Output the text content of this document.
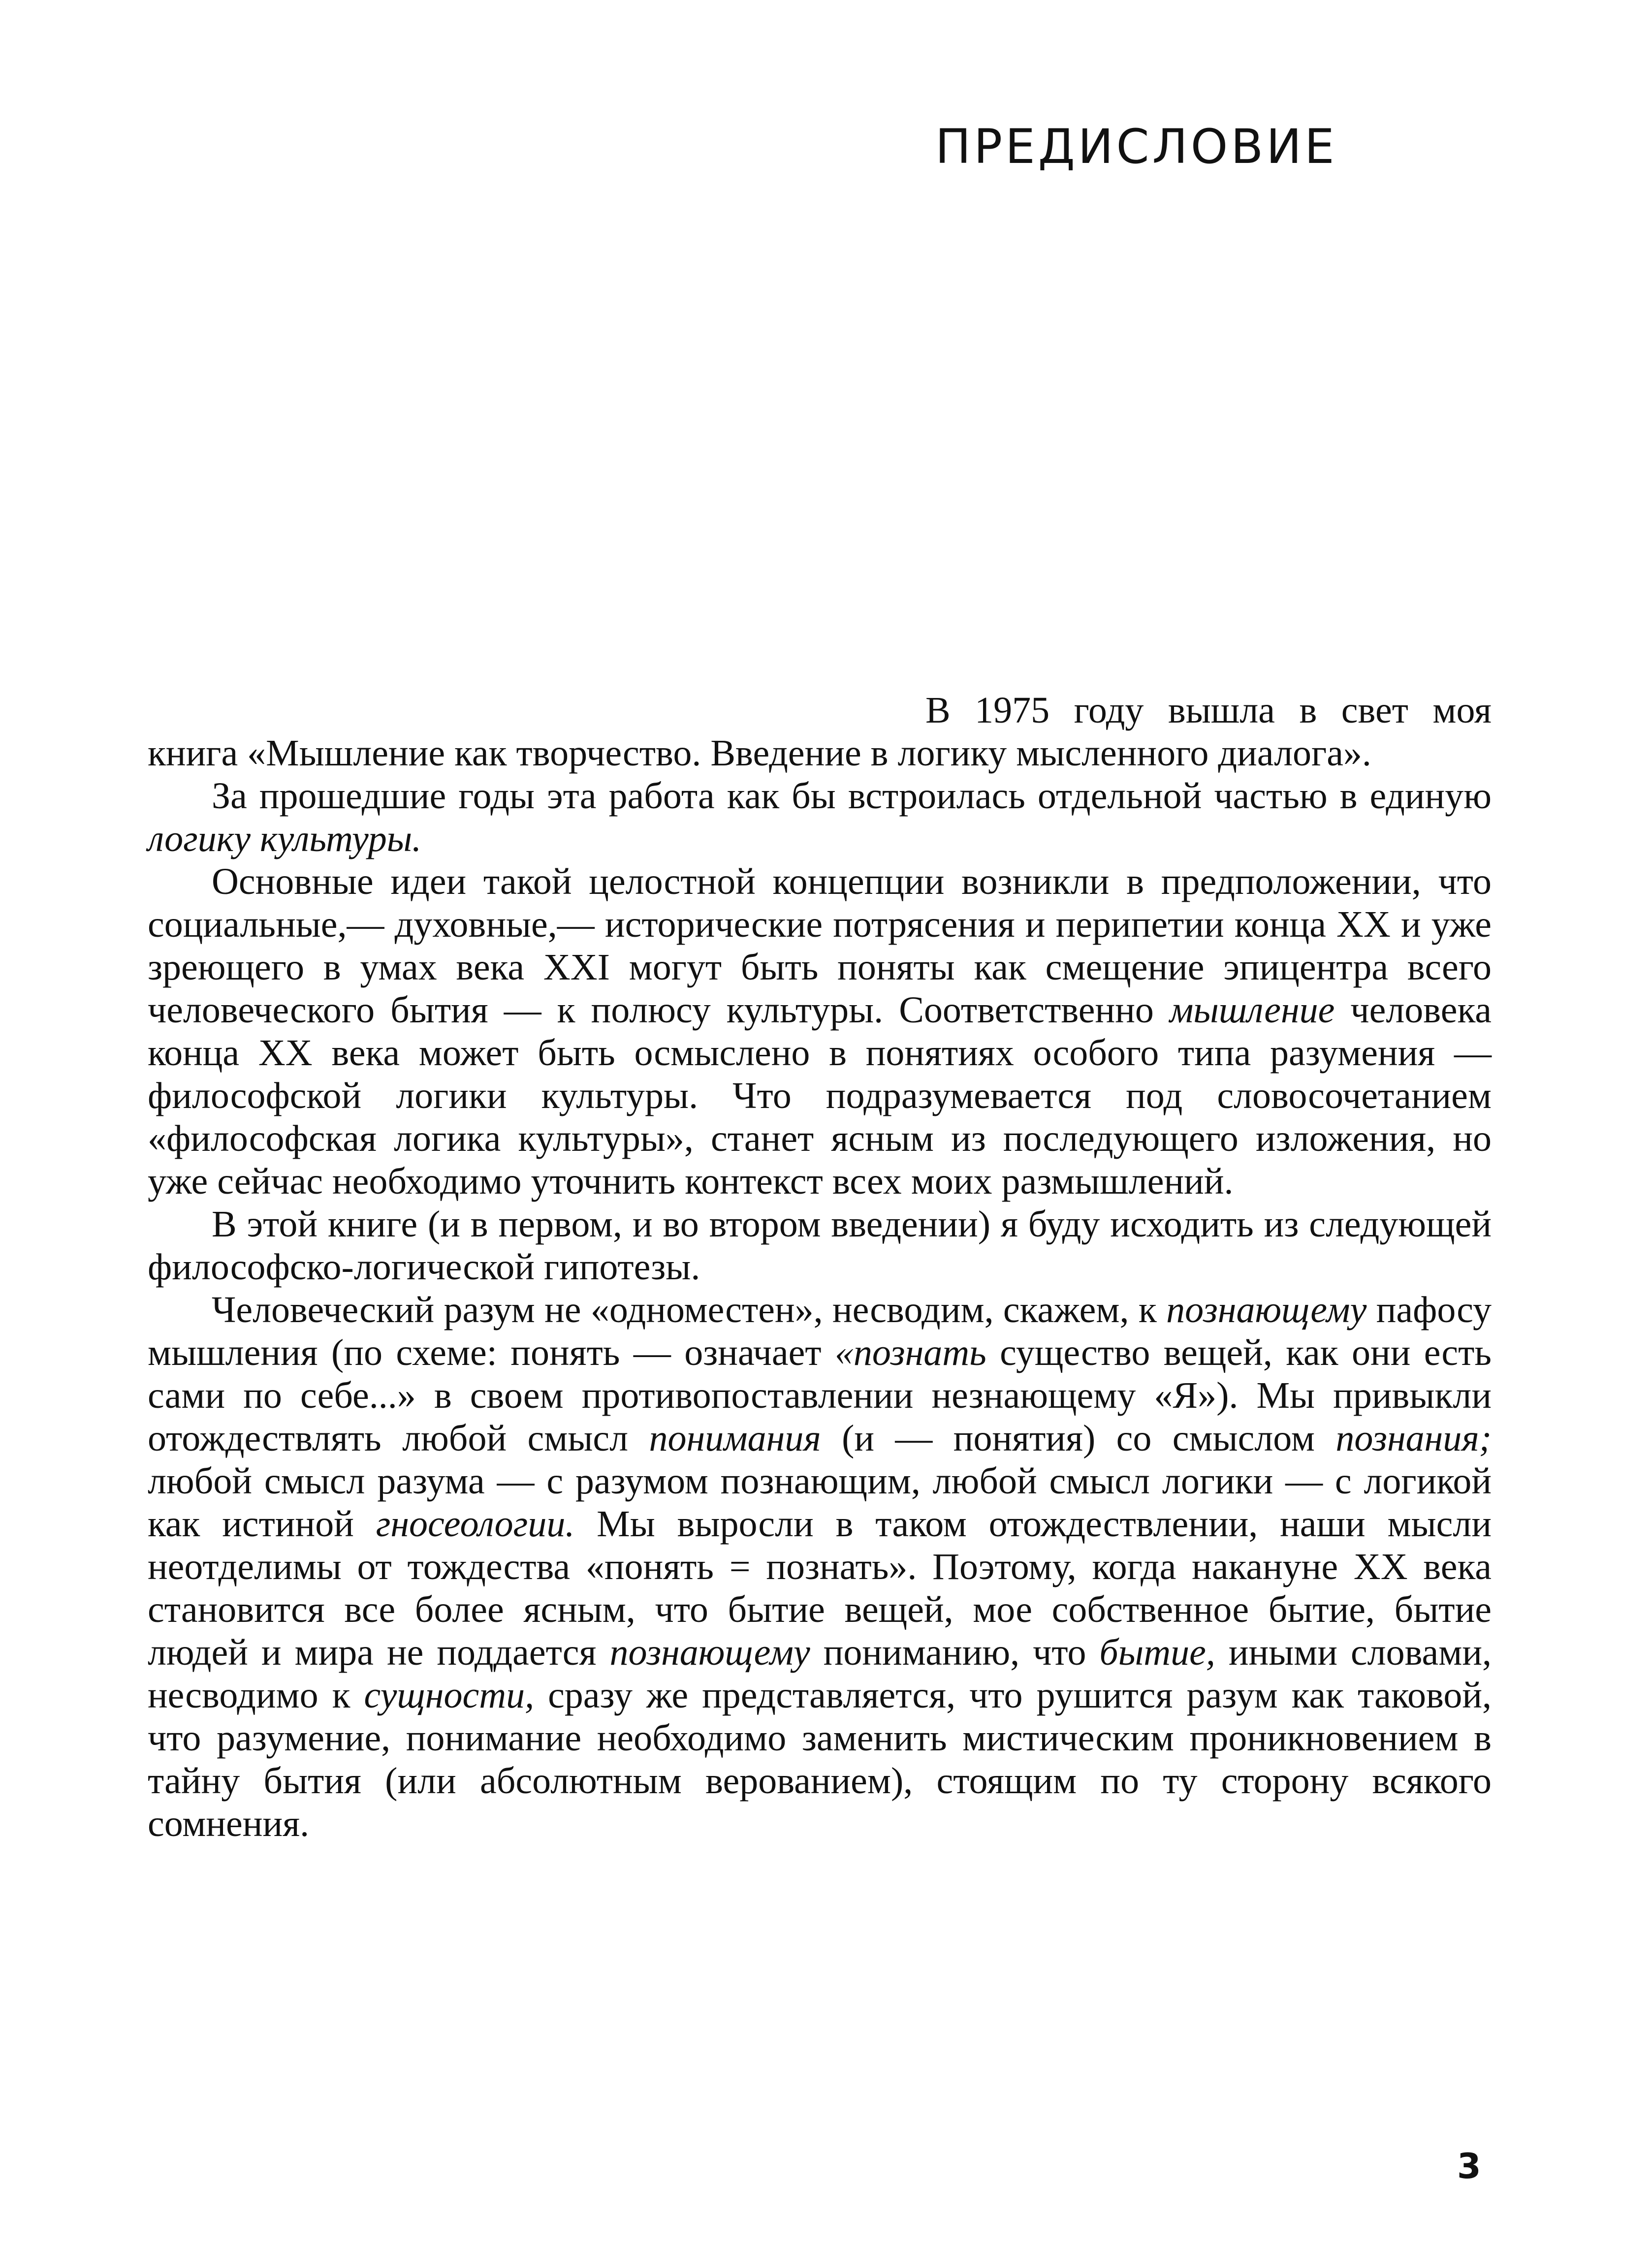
ПРЕДИСЛОВИЕ

В 1975 году вышла в свет моя книга «Мышление как творчество. Введение в логику мысленного диалога».

За прошедшие годы эта работа как бы встроилась отдельной частью в единую логику культуры.

Основные идеи такой целостной концепции возникли в предположении, что социальные,— духовные,— исторические потрясения и перипетии конца XX и уже зреющего в умах века XXI могут быть поняты как смещение эпицентра всего человеческого бытия — к полюсу культуры. Соответственно мышление человека конца XX века может быть осмыслено в понятиях особого типа разумения — философской логики культуры. Что подразумевается под словосочетанием «философская логика культуры», станет ясным из последующего изложения, но уже сейчас необходимо уточнить контекст всех моих размышлений.

В этой книге (и в первом, и во втором введении) я буду исходить из следующей философско-логической гипотезы.

Человеческий разум не «одноместен», несводим, скажем, к познающему пафосу мышления (по схеме: понять — означает «познать существо вещей, как они есть сами по себе...» в своем противопоставлении незнающему «Я»). Мы привыкли отождествлять любой смысл понимания (и — понятия) со смыслом познания; любой смысл разума — с разумом познающим, любой смысл логики — с логикой как истиной гносеологии. Мы выросли в таком отождествлении, наши мысли неотделимы от тождества «понять = познать». Поэтому, когда накануне XX века становится все более ясным, что бытие вещей, мое собственное бытие, бытие людей и мира не поддается познающему пониманию, что бытие, иными словами, несводимо к сущности, сразу же представляется, что рушится разум как таковой, что разумение, понимание необходимо заменить мистическим проникновением в тайну бытия (или абсолютным верованием), стоящим по ту сторону всякого сомнения.

3
